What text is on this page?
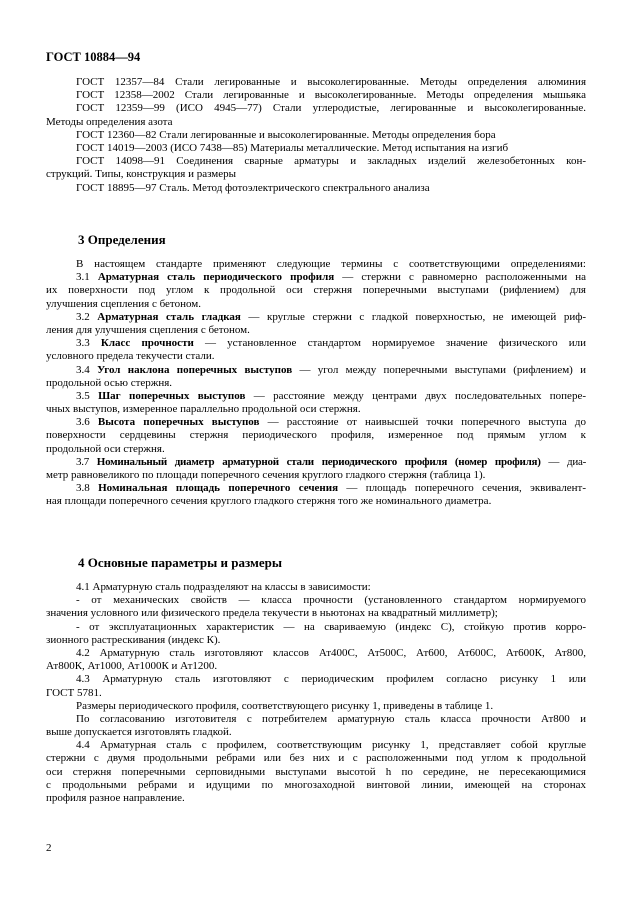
ГОСТ 10884—94
ГОСТ 12357—84 Стали легированные и высоколегированные. Методы определения алюминия
ГОСТ 12358—2002 Стали легированные и высоколегированные. Методы определения мышьяка
ГОСТ 12359—99 (ИСО 4945—77) Стали углеродистые, легированные и высоколегированные.
Методы определения азота
ГОСТ 12360—82 Стали легированные и высоколегированные. Методы определения бора
ГОСТ 14019—2003 (ИСО 7438—85) Материалы металлические. Метод испытания на изгиб
ГОСТ 14098—91 Соединения сварные арматуры и закладных изделий железобетонных кон-
струкций. Типы, конструкция и размеры
ГОСТ 18895—97 Сталь. Метод фотоэлектрического спектрального анализа
3 Определения
В настоящем стандарте применяют следующие термины с соответствующими определениями:
3.1 Арматурная сталь периодического профиля — стержни с равномерно расположенными на
их поверхности под углом к продольной оси стержня поперечными выступами (рифлением) для
улучшения сцепления с бетоном.
3.2 Арматурная сталь гладкая — круглые стержни с гладкой поверхностью, не имеющей риф-
ления для улучшения сцепления с бетоном.
3.3 Класс прочности — установленное стандартом нормируемое значение физического или
условного предела текучести стали.
3.4 Угол наклона поперечных выступов — угол между поперечными выступами (рифлением) и
продольной осью стержня.
3.5 Шаг поперечных выступов — расстояние между центрами двух последовательных попере-
чных выступов, измеренное параллельно продольной оси стержня.
3.6 Высота поперечных выступов — расстояние от наивысшей точки поперечного выступа до
поверхности сердцевины стержня периодического профиля, измеренное под прямым углом к
продольной оси стержня.
3.7 Номинальный диаметр арматурной стали периодического профиля (номер профиля) — диа-
метр равновеликого по площади поперечного сечения круглого гладкого стержня (таблица 1).
3.8 Номинальная площадь поперечного сечения — площадь поперечного сечения, эквивалент-
ная площади поперечного сечения круглого гладкого стержня того же номинального диаметра.
4 Основные параметры и размеры
4.1 Арматурную сталь подразделяют на классы в зависимости:
- от механических свойств — класса прочности (установленного стандартом нормируемого
значения условного или физического предела текучести в ньютонах на квадратный миллиметр);
- от эксплуатационных характеристик — на свариваемую (индекс С), стойкую против корро-
зионного растрескивания (индекс К).
4.2 Арматурную сталь изготовляют классов Ат400С, Ат500С, Ат600, Ат600С, Ат600К, Ат800,
Ат800К, Ат1000, Ат1000К и Ат1200.
4.3 Арматурную сталь изготовляют с периодическим профилем согласно рисунку 1 или
ГОСТ 5781.
Размеры периодического профиля, соответствующего рисунку 1, приведены в таблице 1.
По согласованию изготовителя с потребителем арматурную сталь класса прочности Ат800 и
выше допускается изготовлять гладкой.
4.4 Арматурная сталь с профилем, соответствующим рисунку 1, представляет собой круглые
стержни с двумя продольными ребрами или без них и с расположенными под углом к продольной
оси стержня поперечными серповидными выступами высотой h по середине, не пересекающимися
с продольными ребрами и идущими по многозаходной винтовой линии, имеющей на сторонах
профиля разное направление.
2
